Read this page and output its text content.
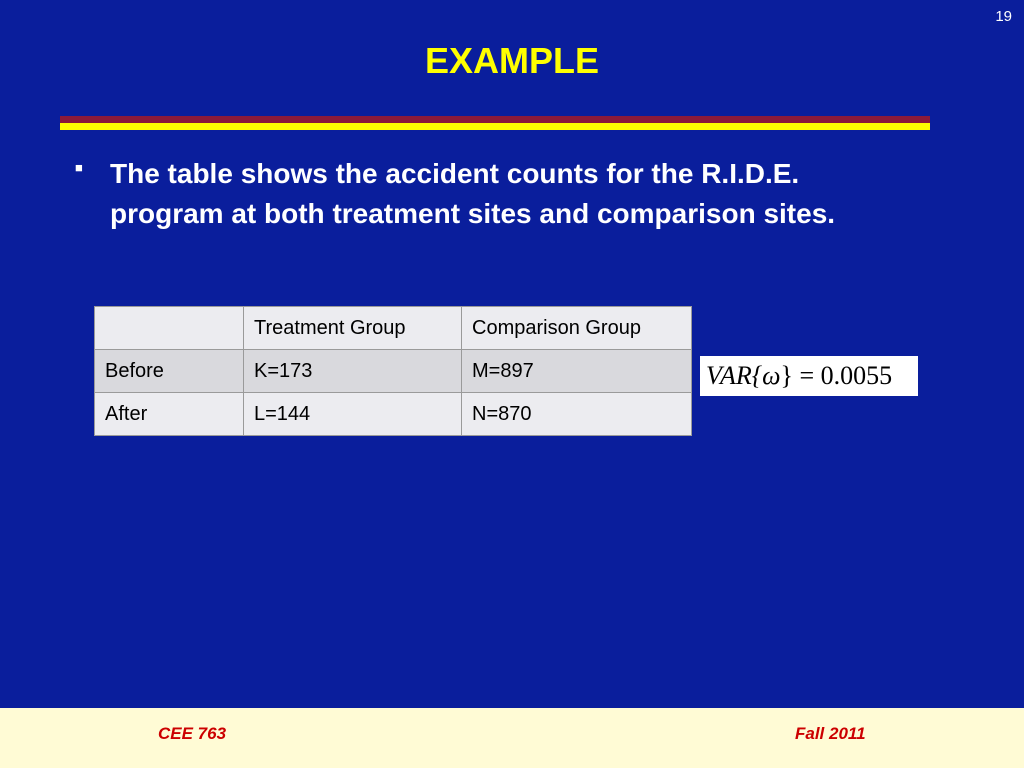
19
EXAMPLE
■ The table shows the accident counts for the R.I.D.E. program at both treatment sites and comparison sites.
	Treatment Group	Comparison Group
Before	K=173	M=897
After	L=144	N=870
VAR{ω} = 0.0055
CEE 763	Fall 2011
